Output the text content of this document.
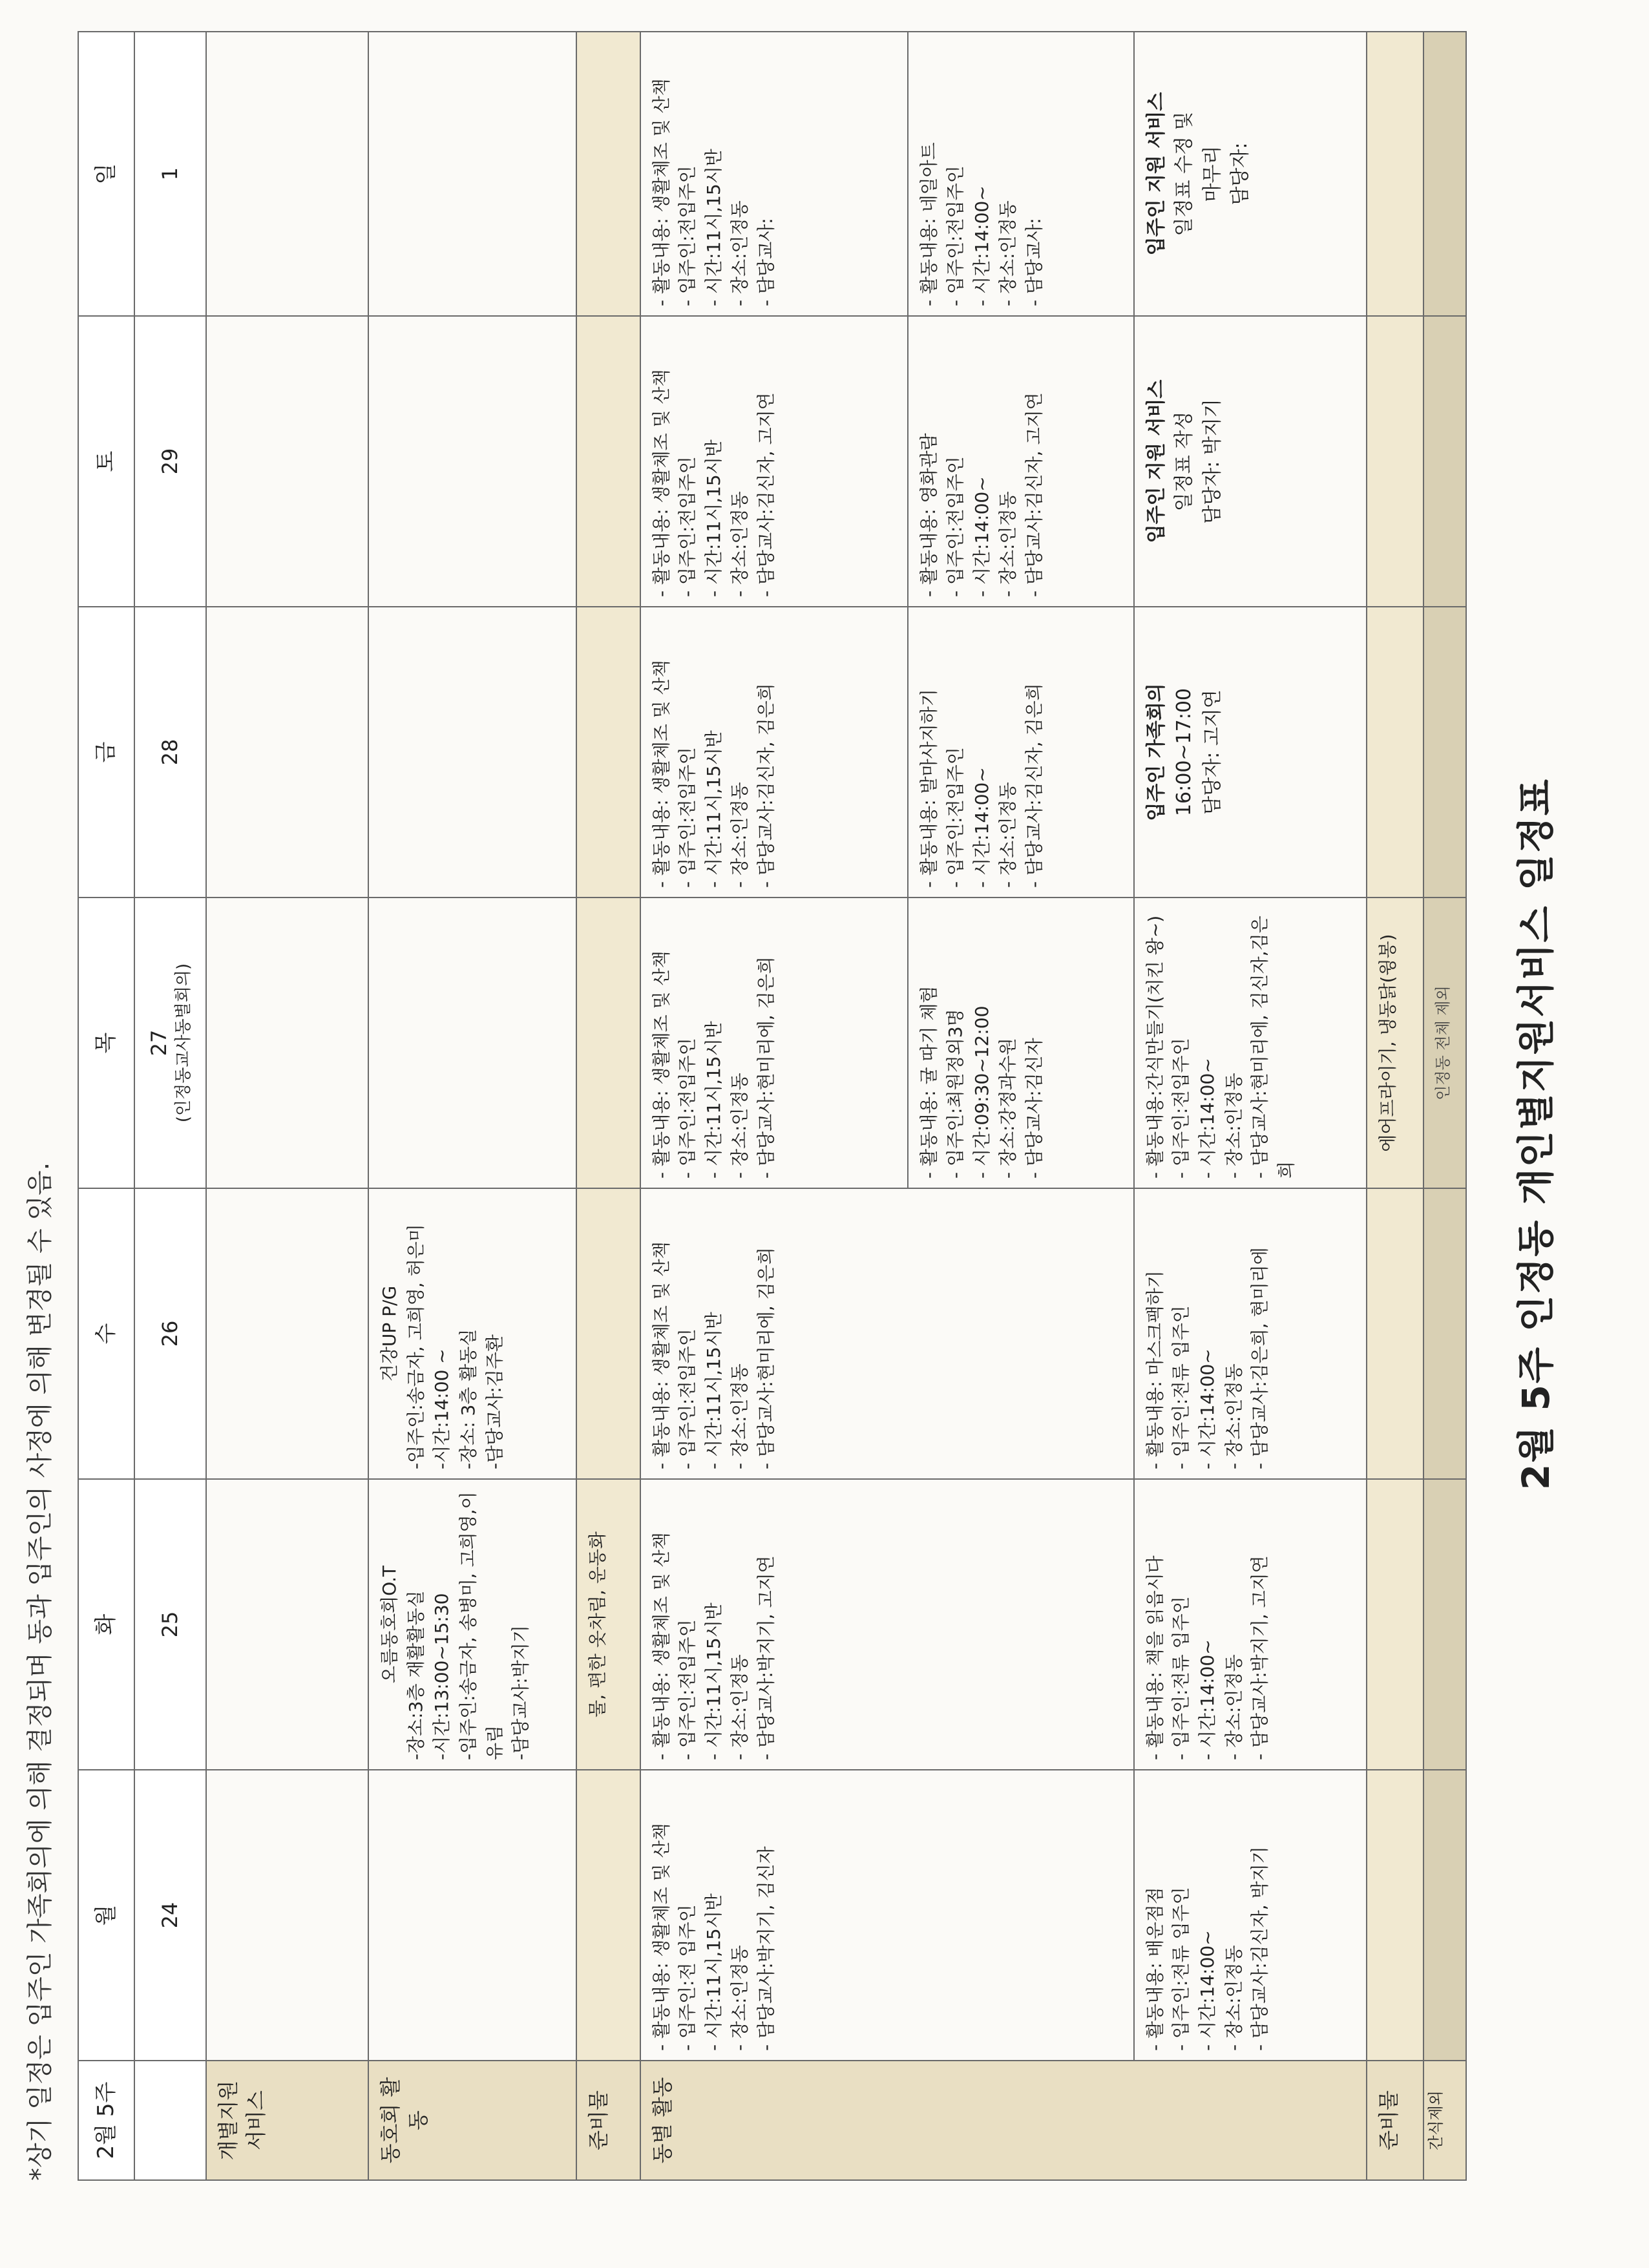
2월 5주 인정동 개인별지원서비스 일정표
2월 5주	월	화	수	목	금	토	일
	24	25	26	27 (인정동교사동별회의)	28	29	1
개별지원 서비스							
동호회 활동		오름동호회O.T -장소:3층 재활활동실 -시간:13:00~15:30 -입주인:송금자, 송병미, 고희영,이유림 -담당교사:박지기	건강UP P/G -입주인:송금자, 고희영, 허은미 -시간:14:00 ~ -장소: 3층 활동실 -담당교사:김주환				

준비물		물, 편한 옷차림, 운동화					
동별 활동	- 활동내용: 생활체조 및 산책 - 입주인:전 입주인 - 시간:11시,15시반 - 장소:인정동 - 담당교사:박지기, 김신자	- 활동내용: 생활체조 및 산책 - 입주인:전입주인 - 시간:11시,15시반 - 장소:인정동 - 담당교사:박지기, 고지연	- 활동내용: 생활체조 및 산책 - 입주인:전입주인 - 시간:11시,15시반 - 장소:인정동 - 담당교사:현미리에, 김은희	- 활동내용: 생활체조 및 산책 - 입주인:전입주인 - 시간:11시,15시반 - 장소:인정동 - 담당교사:현미리에, 김은희	- 활동내용: 생활체조 및 산책 - 입주인:전입주인 - 시간:11시,15시반 - 장소:인정동 - 담당교사:김신자, 김은희	- 활동내용: 생활체조 및 산책 - 입주인:전입주인 - 시간:11시,15시반 - 장소:인정동 - 담당교사:김신자, 고지연	- 활동내용: 생활체조 및 산책 - 입주인:전입주인 - 시간:11시,15시반 - 장소:인정동 - 담당교사:

				- 활동내용: 귤 따기 체험 - 입주인:최원정외3명 - 시간:09:30~12:00 - 장소:강정과수원 - 담당교사:김신자	- 활동내용: 발마사지하기 - 입주인:전입주인 - 시간:14:00~ - 장소:인정동 - 담당교사:김신자, 김은희	- 활동내용: 영화관람 - 입주인:전입주인 - 시간:14:00~ - 장소:인정동 - 담당교사:김신자, 고지연	- 활동내용: 네일아트 - 입주인:전입주인 - 시간:14:00~ - 장소:인정동 - 담당교사:

	- 활동내용: 배운점점 - 입주인:전류 입주인 - 시간:14:00~ - 장소:인정동 - 담당교사:김신자, 박지기	- 활동내용: 책을 읽읍시다 - 입주인:전류 입주인 - 시간:14:00~ - 장소:인정동 - 담당교사:박지기, 고지연	- 활동내용: 마스크팩하기 - 입주인:전류 입주인 - 시간:14:00~ - 장소:인정동 - 담당교사:김은희, 현미리에	- 활동내용:간식만들기(치킨 왕~) - 입주인:전입주인 - 시간:14:00~ - 장소:인정동 - 담당교사:현미리에, 김신자,김은희	입주인 가족회의 16:00~17:00 담당자: 고지연	입주인 지원 서비스 일정표 작성 담당자: 박지기	입주인 지원 서비스 일정표 수정 및 마무리 담당자:

준비물				에어프라이기, 냉동닭(윙봉)			
간식제외				인정동 전체 제외			
*상기 일정은 입주인 가족회의에 의해 결정되며 동과 입주인의 사정에 의해 변경될 수 있음.
